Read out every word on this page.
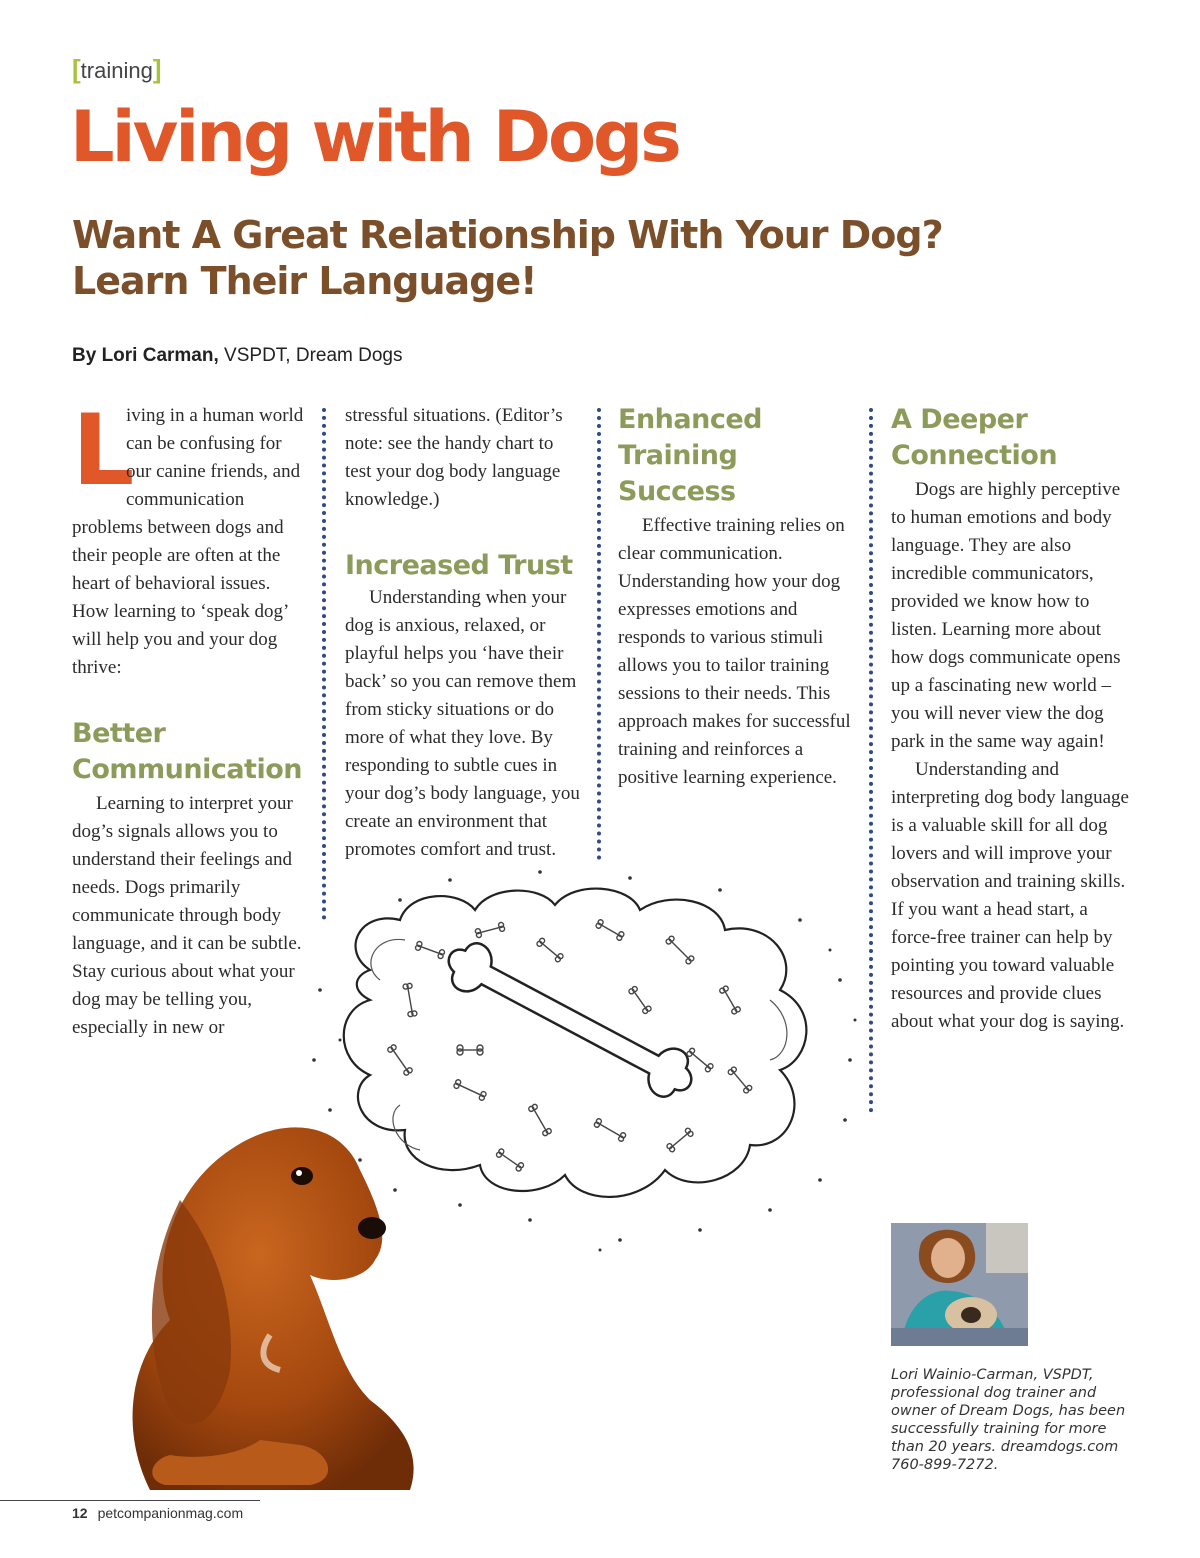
[training]
Living with Dogs
Want A Great Relationship With Your Dog?
Learn Their Language!
By Lori Carman, VSPDT, Dream Dogs

L
iving in a human world can be confusing for our canine friends, and communication problems between dogs and their people are often at the heart of behavioral issues. How learning to ‘speak dog’ will help you and your dog thrive:

Better Communication

Learning to interpret your dog’s signals allows you to understand their feelings and needs. Dogs primarily communicate through body language, and it can be subtle. Stay curious about what your dog may be telling you, especially in new or

stressful situations. (Editor’s note: see the handy chart to test your dog body language knowledge.)

Increased Trust

Understanding when your dog is anxious, relaxed, or playful helps you ‘have their back’ so you can remove them from sticky situations or do more of what they love. By responding to subtle cues in your dog’s body language, you create an environment that promotes comfort and trust.

Enhanced Training Success

Effective training relies on clear communication. Understanding how your dog expresses emotions and responds to various stimuli allows you to tailor training sessions to their needs. This approach makes for successful training and reinforces a positive learning experience.

A Deeper Connection

Dogs are highly perceptive to human emotions and body language. They are also incredible communicators, provided we know how to listen. Learning more about how dogs communicate opens up a fascinating new world – you will never view the dog park in the same way again!

Understanding and interpreting dog body language is a valuable skill for all dog lovers and will improve your observation and training skills. If you want a head start, a force-free trainer can help by pointing you toward valuable resources and provide clues about what your dog is saying.

Lori Wainio-Carman, VSPDT, professional dog trainer and owner of Dream Dogs, has been successfully training for more than 20 years. dreamdogs.com 760-899-7272.

12 petcompanionmag.com
